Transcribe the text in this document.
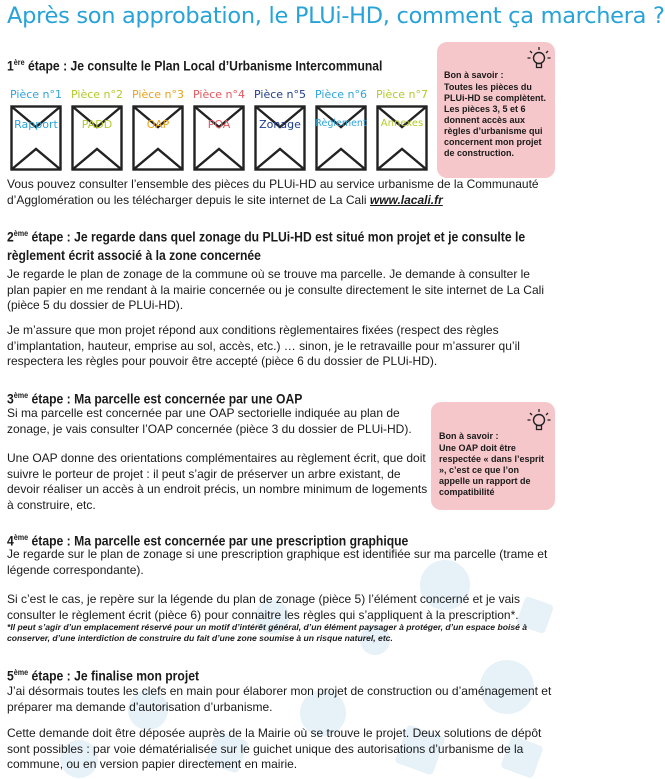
Après son approbation, le PLUi-HD, comment ça marchera ?
1ère étape : Je consulte le Plan Local d’Urbanisme Intercommunal
Pièce n°1
Rapport
Pièce n°2
PADD
Pièce n°3
OAP
Pièce n°4
POA
Pièce n°5
Zonage
Pièce n°6
Règlement
Pièce n°7
Annexes
Bon à savoir :
Toutes les pièces du PLUi-HD se complètent. Les pièces 3, 5 et 6 donnent accès aux règles d’urbanisme qui concernent mon projet de construction.
Vous pouvez consulter l’ensemble des pièces du PLUi-HD au service urbanisme de la Communauté d’Agglomération ou les télécharger depuis le site internet de La Cali www.lacali.fr
2ème étape : Je regarde dans quel zonage du PLUi-HD est situé mon projet et je consulte le règlement écrit associé à la zone concernée
Je regarde le plan de zonage de la commune où se trouve ma parcelle. Je demande à consulter le plan papier en me rendant à la mairie concernée ou je consulte directement le site internet de La Cali (pièce 5 du dossier de PLUi-HD).
Je m’assure que mon projet répond aux conditions règlementaires fixées (respect des règles d’implantation, hauteur, emprise au sol, accès, etc.) … sinon, je le retravaille pour m’assurer qu’il respectera les règles pour pouvoir être accepté (pièce 6 du dossier de PLUi-HD).
3ème étape : Ma parcelle est concernée par une OAP
Si ma parcelle est concernée par une OAP sectorielle indiquée au plan de zonage, je vais consulter l’OAP concernée (pièce 3 du dossier de PLUi-HD).
Une OAP donne des orientations complémentaires au règlement écrit, que doit suivre le porteur de projet : il peut s’agir de préserver un arbre existant, de devoir réaliser un accès à un endroit précis, un nombre minimum de logements à construire, etc.
Bon à savoir :
Une OAP doit être respectée « dans l’esprit », c’est ce que l’on appelle un rapport de compatibilité
4ème étape : Ma parcelle est concernée par une prescription graphique
Je regarde sur le plan de zonage si une prescription graphique est identifiée sur ma parcelle (trame et légende correspondante).
Si c’est le cas, je repère sur la légende du plan de zonage (pièce 5) l’élément concerné et je vais consulter le règlement écrit (pièce 6) pour connaitre les règles qui s’appliquent à la prescription*.
*Il peut s’agir d’un emplacement réservé pour un motif d’intérêt général, d’un élément paysager à protéger, d’un espace boisé à conserver, d’une interdiction de construire du fait d’une zone soumise à un risque naturel, etc.
5ème étape : Je finalise mon projet
J’ai désormais toutes les clefs en main pour élaborer mon projet de construction ou d’aménagement et préparer ma demande d’autorisation d’urbanisme.
Cette demande doit être déposée auprès de la Mairie où se trouve le projet. Deux solutions de dépôt sont possibles : par voie dématérialisée sur le guichet unique des autorisations d’urbanisme de la commune, ou en version papier directement en mairie.
